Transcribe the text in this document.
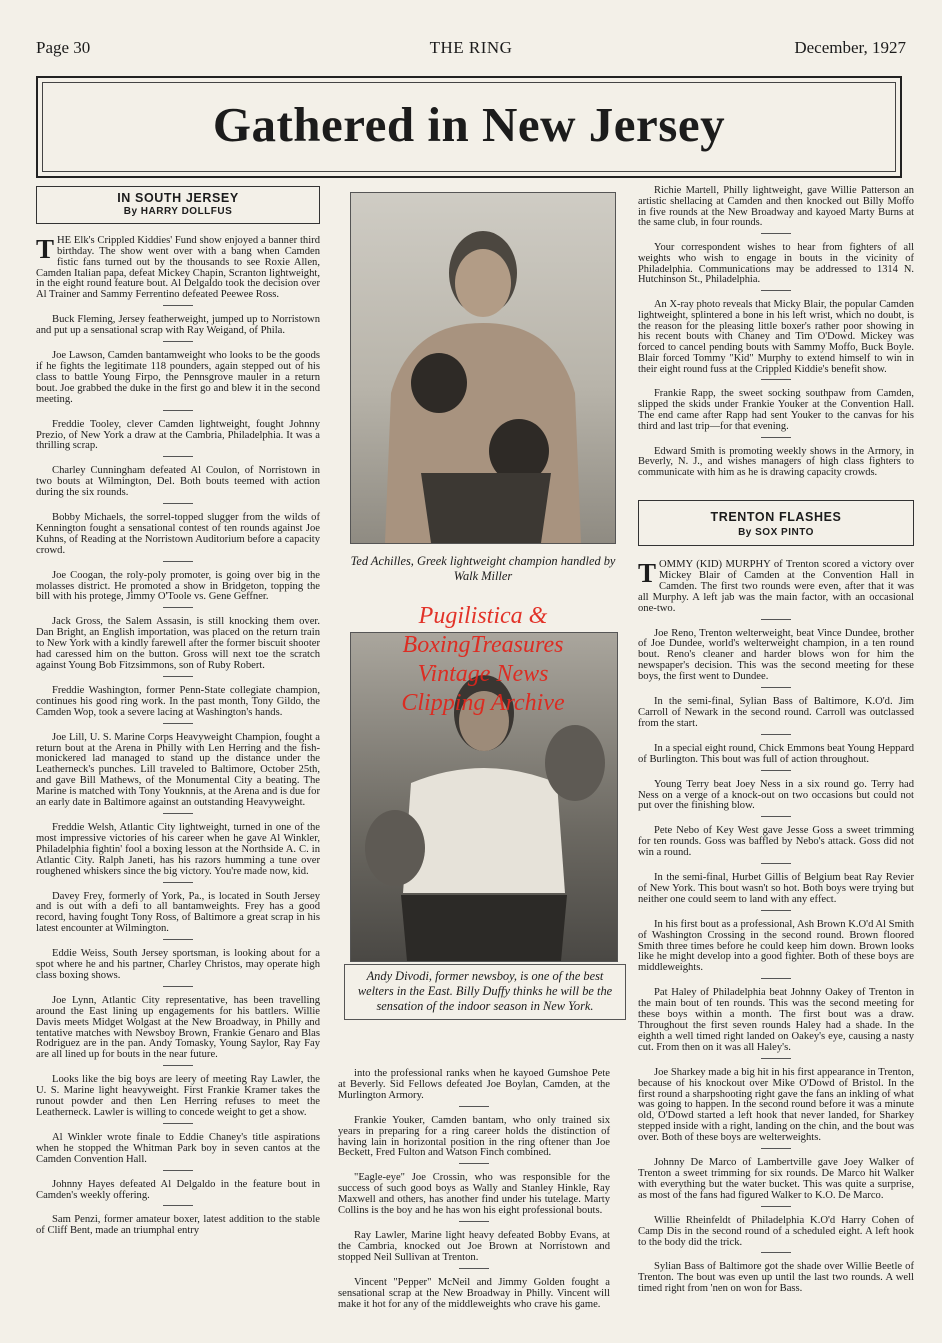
Page 30	THE RING	December, 1927
Gathered in New Jersey
IN SOUTH JERSEY
By HARRY DOLLFUS

THE Elk's Crippled Kiddies' Fund show enjoyed a banner third birthday. The show went over with a bang when Camden fistic fans turned out by the thousands to see Roxie Allen, Camden Italian papa, defeat Mickey Chapin, Scranton lightweight, in the eight round feature bout. Al Delgaldo took the decision over Al Trainer and Sammy Ferrentino defeated Peewee Ross.

Buck Fleming, Jersey featherweight, jumped up to Norristown and put up a sensational scrap with Ray Weigand, of Phila.

Joe Lawson, Camden bantamweight who looks to be the goods if he fights the legitimate 118 pounders, again stepped out of his class to battle Young Firpo, the Pennsgrove mauler in a return bout. Joe grabbed the duke in the first go and blew it in the second meeting.

Freddie Tooley, clever Camden lightweight, fought Johnny Prezio, of New York a draw at the Cambria, Philadelphia. It was a thrilling scrap.

Charley Cunningham defeated Al Coulon, of Norristown in two bouts at Wilmington, Del. Both bouts teemed with action during the six rounds.

Bobby Michaels, the sorrel-topped slugger from the wilds of Kennington fought a sensational contest of ten rounds against Joe Kuhns, of Reading at the Norristown Auditorium before a capacity crowd.

Joe Coogan, the roly-poly promoter, is going over big in the molasses district. He promoted a show in Bridgeton, topping the bill with his protege, Jimmy O'Toole vs. Gene Geffner.

Jack Gross, the Salem Assasin, is still knocking them over. Dan Bright, an English importation, was placed on the return train to New York with a kindly farewell after the former biscuit shooter had caressed him on the button. Gross will next toe the scratch against Young Bob Fitzsimmons, son of Ruby Robert.

Freddie Washington, former Penn-State collegiate champion, continues his good ring work. In the past month, Tony Gildo, the Camden Wop, took a severe lacing at Washington's hands.

Joe Lill, U. S. Marine Corps Heavyweight Champion, fought a return bout at the Arena in Philly with Len Herring and the fish-monickered lad managed to stand up the distance under the Leatherneck's punches. Lill traveled to Baltimore, October 25th, and gave Bill Mathews, of the Monumental City a beating. The Marine is matched with Tony Youknnis, at the Arena and is due for an early date in Baltimore against an outstanding Heavyweight.

Freddie Welsh, Atlantic City lightweight, turned in one of the most impressive victories of his career when he gave Al Winkler, Philadelphia fightin' fool a boxing lesson at the Northside A. C. in Atlantic City. Ralph Janeti, has his razors humming a tune over roughened whiskers since the big victory. You're made now, kid.

Davey Frey, formerly of York, Pa., is located in South Jersey and is out with a defi to all bantamweights. Frey has a good record, having fought Tony Ross, of Baltimore a great scrap in his latest encounter at Wilmington.

Eddie Weiss, South Jersey sportsman, is looking about for a spot where he and his partner, Charley Christos, may operate high class boxing shows.

Joe Lynn, Atlantic City representative, has been travelling around the East lining up engagements for his battlers. Willie Davis meets Midget Wolgast at the New Broadway, in Philly and tentative matches with Newsboy Brown, Frankie Genaro and Blas Rodriguez are in the pan. Andy Tomasky, Young Saylor, Ray Fay are all lined up for bouts in the near future.

Looks like the big boys are leery of meeting Ray Lawler, the U. S. Marine light heavyweight. First Frankie Kramer takes the runout powder and then Len Herring refuses to meet the Leatherneck. Lawler is willing to concede weight to get a show.

Al Winkler wrote finale to Eddie Chaney's title aspirations when he stopped the Whitman Park boy in seven cantos at the Camden Convention Hall.

Johnny Hayes defeated Al Delgaldo in the feature bout in Camden's weekly offering.

Sam Penzi, former amateur boxer, latest addition to the stable of Cliff Bent, made an triumphal entry

Ted Achilles, Greek lightweight champion handled by Walk Miller
Andy Divodi, former newsboy, is one of the best welters in the East. Billy Duffy thinks he will be the sensation of the indoor season in New York.
Pugilistica &
BoxingTreasures
Vintage News
Clipping Archive

into the professional ranks when he kayoed Gumshoe Pete at Beverly. Sid Fellows defeated Joe Boylan, Camden, at the Murlington Armory.

Frankie Youker, Camden bantam, who only trained six years in preparing for a ring career holds the distinction of having lain in horizontal position in the ring oftener than Joe Beckett, Fred Fulton and Watson Finch combined.

"Eagle-eye" Joe Crossin, who was responsible for the success of such good boys as Wally and Stanley Hinkle, Ray Maxwell and others, has another find under his tutelage. Marty Collins is the boy and he has won his eight professional bouts.

Ray Lawler, Marine light heavy defeated Bobby Evans, at the Cambria, knocked out Joe Brown at Norristown and stopped Neil Sullivan at Trenton.

Vincent "Pepper" McNeil and Jimmy Golden fought a sensational scrap at the New Broadway in Philly. Vincent will make it hot for any of the middleweights who crave his game.

Richie Martell, Philly lightweight, gave Willie Patterson an artistic shellacing at Camden and then knocked out Billy Moffo in five rounds at the New Broadway and kayoed Marty Burns at the same club, in four rounds.

Your correspondent wishes to hear from fighters of all weights who wish to engage in bouts in the vicinity of Philadelphia. Communications may be addressed to 1314 N. Hutchinson St., Philadelphia.

An X-ray photo reveals that Micky Blair, the popular Camden lightweight, splintered a bone in his left wrist, which no doubt, is the reason for the pleasing little boxer's rather poor showing in his recent bouts with Chaney and Tim O'Dowd. Mickey was forced to cancel pending bouts with Sammy Moffo, Buck Boyle. Blair forced Tommy "Kid" Murphy to extend himself to win in their eight round fuss at the Crippled Kiddie's benefit show.

Frankie Rapp, the sweet socking southpaw from Camden, slipped the skids under Frankie Youker at the Convention Hall. The end came after Rapp had sent Youker to the canvas for his third and last trip—for that evening.

Edward Smith is promoting weekly shows in the Armory, in Beverly, N. J., and wishes managers of high class fighters to communicate with him as he is drawing capacity crowds.

TRENTON FLASHES
By SOX PINTO

TOMMY (KID) MURPHY of Trenton scored a victory over Mickey Blair of Camden at the Convention Hall in Camden. The first two rounds were even, after that it was all Murphy. A left jab was the main factor, with an occasional one-two.

Joe Reno, Trenton welterweight, beat Vince Dundee, brother of Joe Dundee, world's welterweight champion, in a ten round bout. Reno's cleaner and harder blows won for him the newspaper's decision. This was the second meeting for these boys, the first went to Dundee.

In the semi-final, Sylian Bass of Baltimore, K.O'd. Jim Carroll of Newark in the second round. Carroll was outclassed from the start.

In a special eight round, Chick Emmons beat Young Heppard of Burlington. This bout was full of action throughout.

Young Terry beat Joey Ness in a six round go. Terry had Ness on a verge of a knock-out on two occasions but could not put over the finishing blow.

Pete Nebo of Key West gave Jesse Goss a sweet trimming for ten rounds. Goss was baffled by Nebo's attack. Goss did not win a round.

In the semi-final, Hurbet Gillis of Belgium beat Ray Revier of New York. This bout wasn't so hot. Both boys were trying but neither one could seem to land with any effect.

In his first bout as a professional, Ash Brown K.O'd Al Smith of Washington Crossing in the second round. Brown floored Smith three times before he could keep him down. Brown looks like he might develop into a good fighter. Both of these boys are middleweights.

Pat Haley of Philadelphia beat Johnny Oakey of Trenton in the main bout of ten rounds. This was the second meeting for these boys within a month. The first bout was a draw. Throughout the first seven rounds Haley had a shade. In the eighth a well timed right landed on Oakey's eye, causing a nasty cut. From then on it was all Haley's.

Joe Sharkey made a big hit in his first appearance in Trenton, because of his knockout over Mike O'Dowd of Bristol. In the first round a sharpshooting right gave the fans an inkling of what was going to happen. In the second round before it was a minute old, O'Dowd started a left hook that never landed, for Sharkey stepped inside with a right, landing on the chin, and the bout was over. Both of these boys are welterweights.

Johnny De Marco of Lambertville gave Joey Walker of Trenton a sweet trimming for six rounds. De Marco hit Walker with everything but the water bucket. This was quite a surprise, as most of the fans had figured Walker to K.O. De Marco.

Willie Rheinfeldt of Philadelphia K.O'd Harry Cohen of Camp Dis in the second round of a scheduled eight. A left hook to the body did the trick.

Sylian Bass of Baltimore got the shade over Willie Beetle of Trenton. The bout was even up until the last two rounds. A well timed right from 'nen on won for Bass.
